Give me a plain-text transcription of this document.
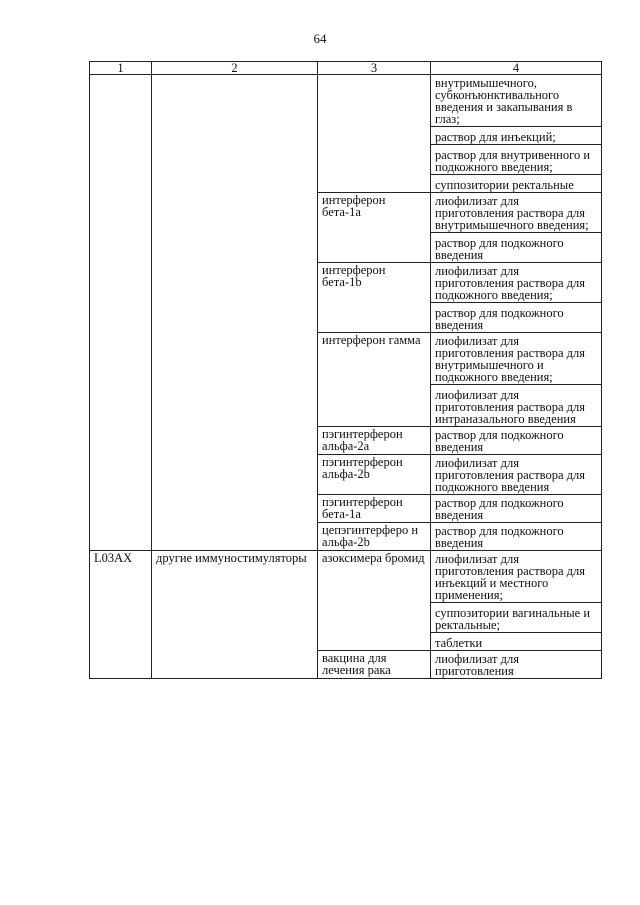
64
1	2	3	4

			внутримышечного, субконъюнктивального введения и закапывания в глаз;
раствор для инъекций;
раствор для внутривенного и подкожного введения;
суппозитории ректальные

		интерферон бета-1a	лиофилизат для приготовления раствора для внутримышечного введения;
раствор для подкожного введения

		интерферон бета-1b	лиофилизат для приготовления раствора для подкожного введения;
раствор для подкожного введения

		интерферон гамма	лиофилизат для приготовления раствора для внутримышечного и подкожного введения;
лиофилизат для приготовления раствора для интраназального введения

		пэгинтерферон альфа-2a	раствор для подкожного введения

		пэгинтерферон альфа-2b	лиофилизат для приготовления раствора для подкожного введения

		пэгинтерферон бета-1a	раствор для подкожного введения

		цепэгинтерферо н альфа-2b	раствор для подкожного введения

L03AX	другие иммуностимуляторы	азоксимера бромид	лиофилизат для приготовления раствора для инъекций и местного применения;
суппозитории вагинальные и ректальные;
таблетки

		вакцина для лечения рака	лиофилизат для приготовления
